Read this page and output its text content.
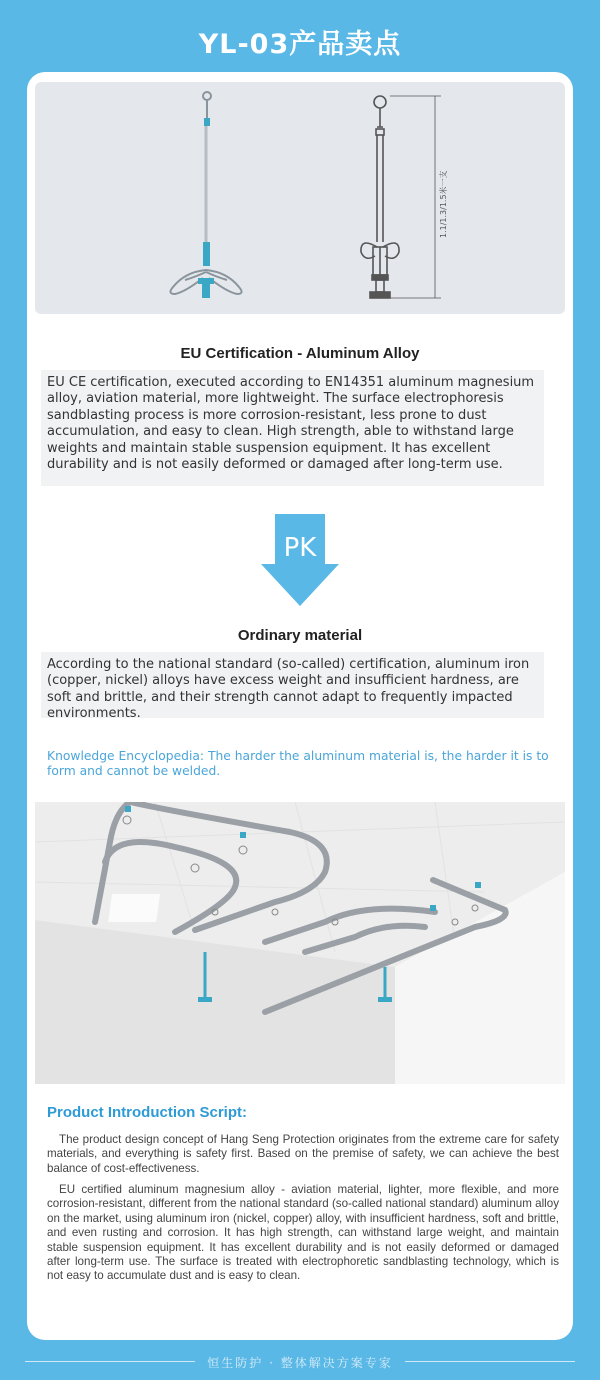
YL-03产品卖点
1.1/1.3/1.5米一支
EU Certification - Aluminum Alloy
EU CE certification, executed according to EN14351 aluminum magnesium alloy, aviation material, more lightweight. The surface electrophoresis sandblasting process is more corrosion-resistant, less prone to dust accumulation, and easy to clean. High strength, able to withstand large weights and maintain stable suspension equipment. It has excellent durability and is not easily deformed or damaged after long-term use.
PK
Ordinary material
According to the national standard (so-called) certification, aluminum iron (copper, nickel) alloys have excess weight and insufficient hardness, are soft and brittle, and their strength cannot adapt to frequently impacted environments.
Knowledge Encyclopedia: The harder the aluminum material is, the harder it is to form and cannot be welded.
Product Introduction Script:
The product design concept of Hang Seng Protection originates from the extreme care for safety materials, and everything is safety first. Based on the premise of safety, we can achieve the best balance of cost-effectiveness.
EU certified aluminum magnesium alloy - aviation material, lighter, more flexible, and more corrosion-resistant, different from the national standard (so-called national standard) aluminum alloy on the market, using aluminum iron (nickel, copper) alloy, with insufficient hardness, soft and brittle, and even rusting and corrosion. It has high strength, can withstand large weight, and maintain stable suspension equipment. It has excellent durability and is not easily deformed or damaged after long-term use. The surface is treated with electrophoretic sandblasting technology, which is not easy to accumulate dust and is easy to clean.
恒生防护 · 整体解决方案专家
